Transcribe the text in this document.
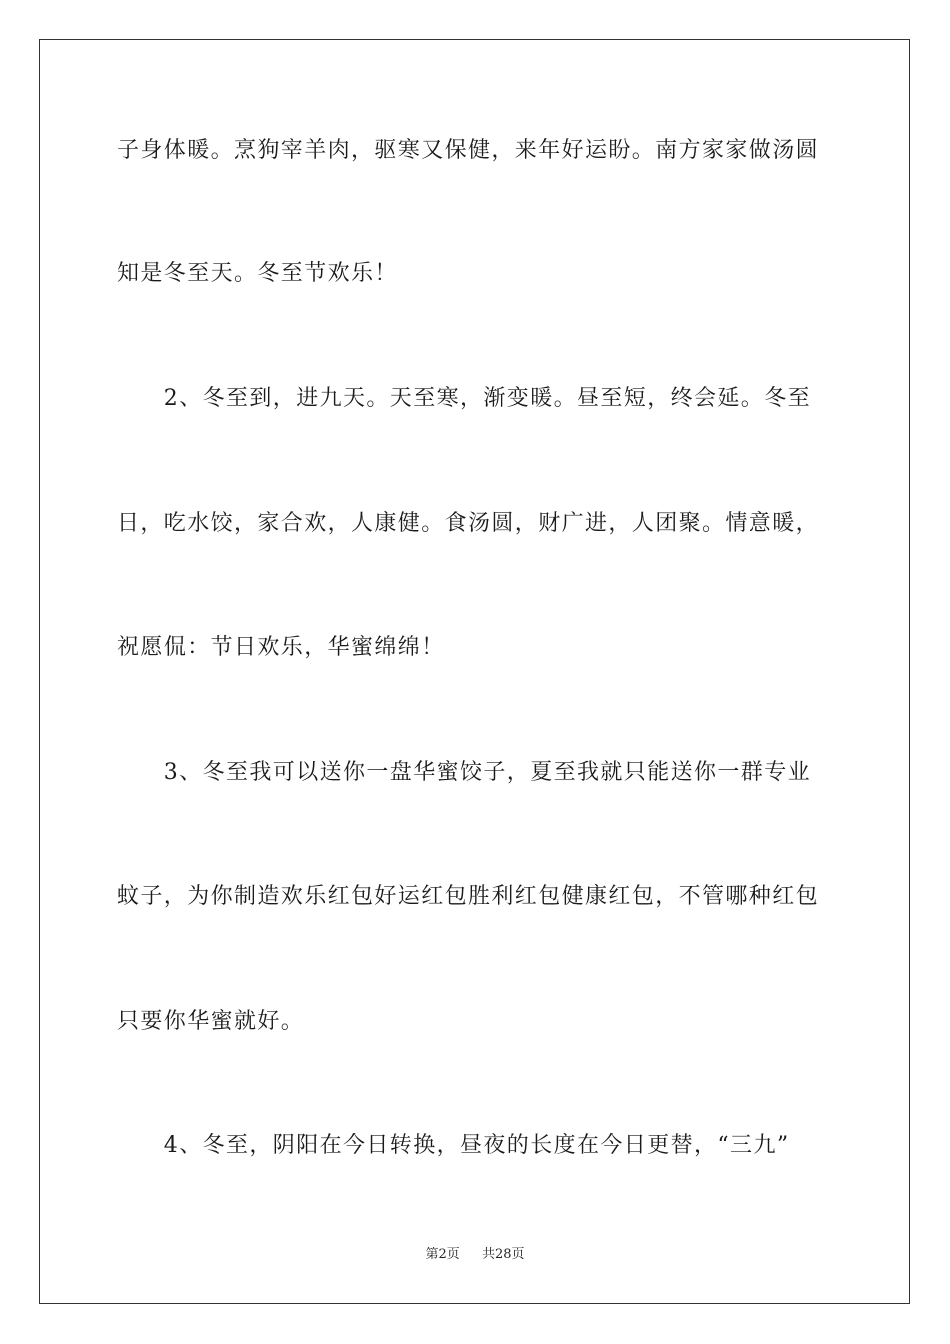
子身体暖。烹狗宰羊肉，驱寒又保健，来年好运盼。南方家家做汤圆
知是冬至天。冬至节欢乐！
　　2、冬至到，进九天。天至寒，渐变暖。昼至短，终会延。冬至
日，吃水饺，家合欢，人康健。食汤圆，财广进，人团聚。情意暖，
祝愿侃：节日欢乐，华蜜绵绵！
　　3、冬至我可以送你一盘华蜜饺子，夏至我就只能送你一群专业
蚊子，为你制造欢乐红包好运红包胜利红包健康红包，不管哪种红包
只要你华蜜就好。
　　4、冬至，阴阳在今日转换，昼夜的长度在今日更替，“三九”
第2页 共28页
